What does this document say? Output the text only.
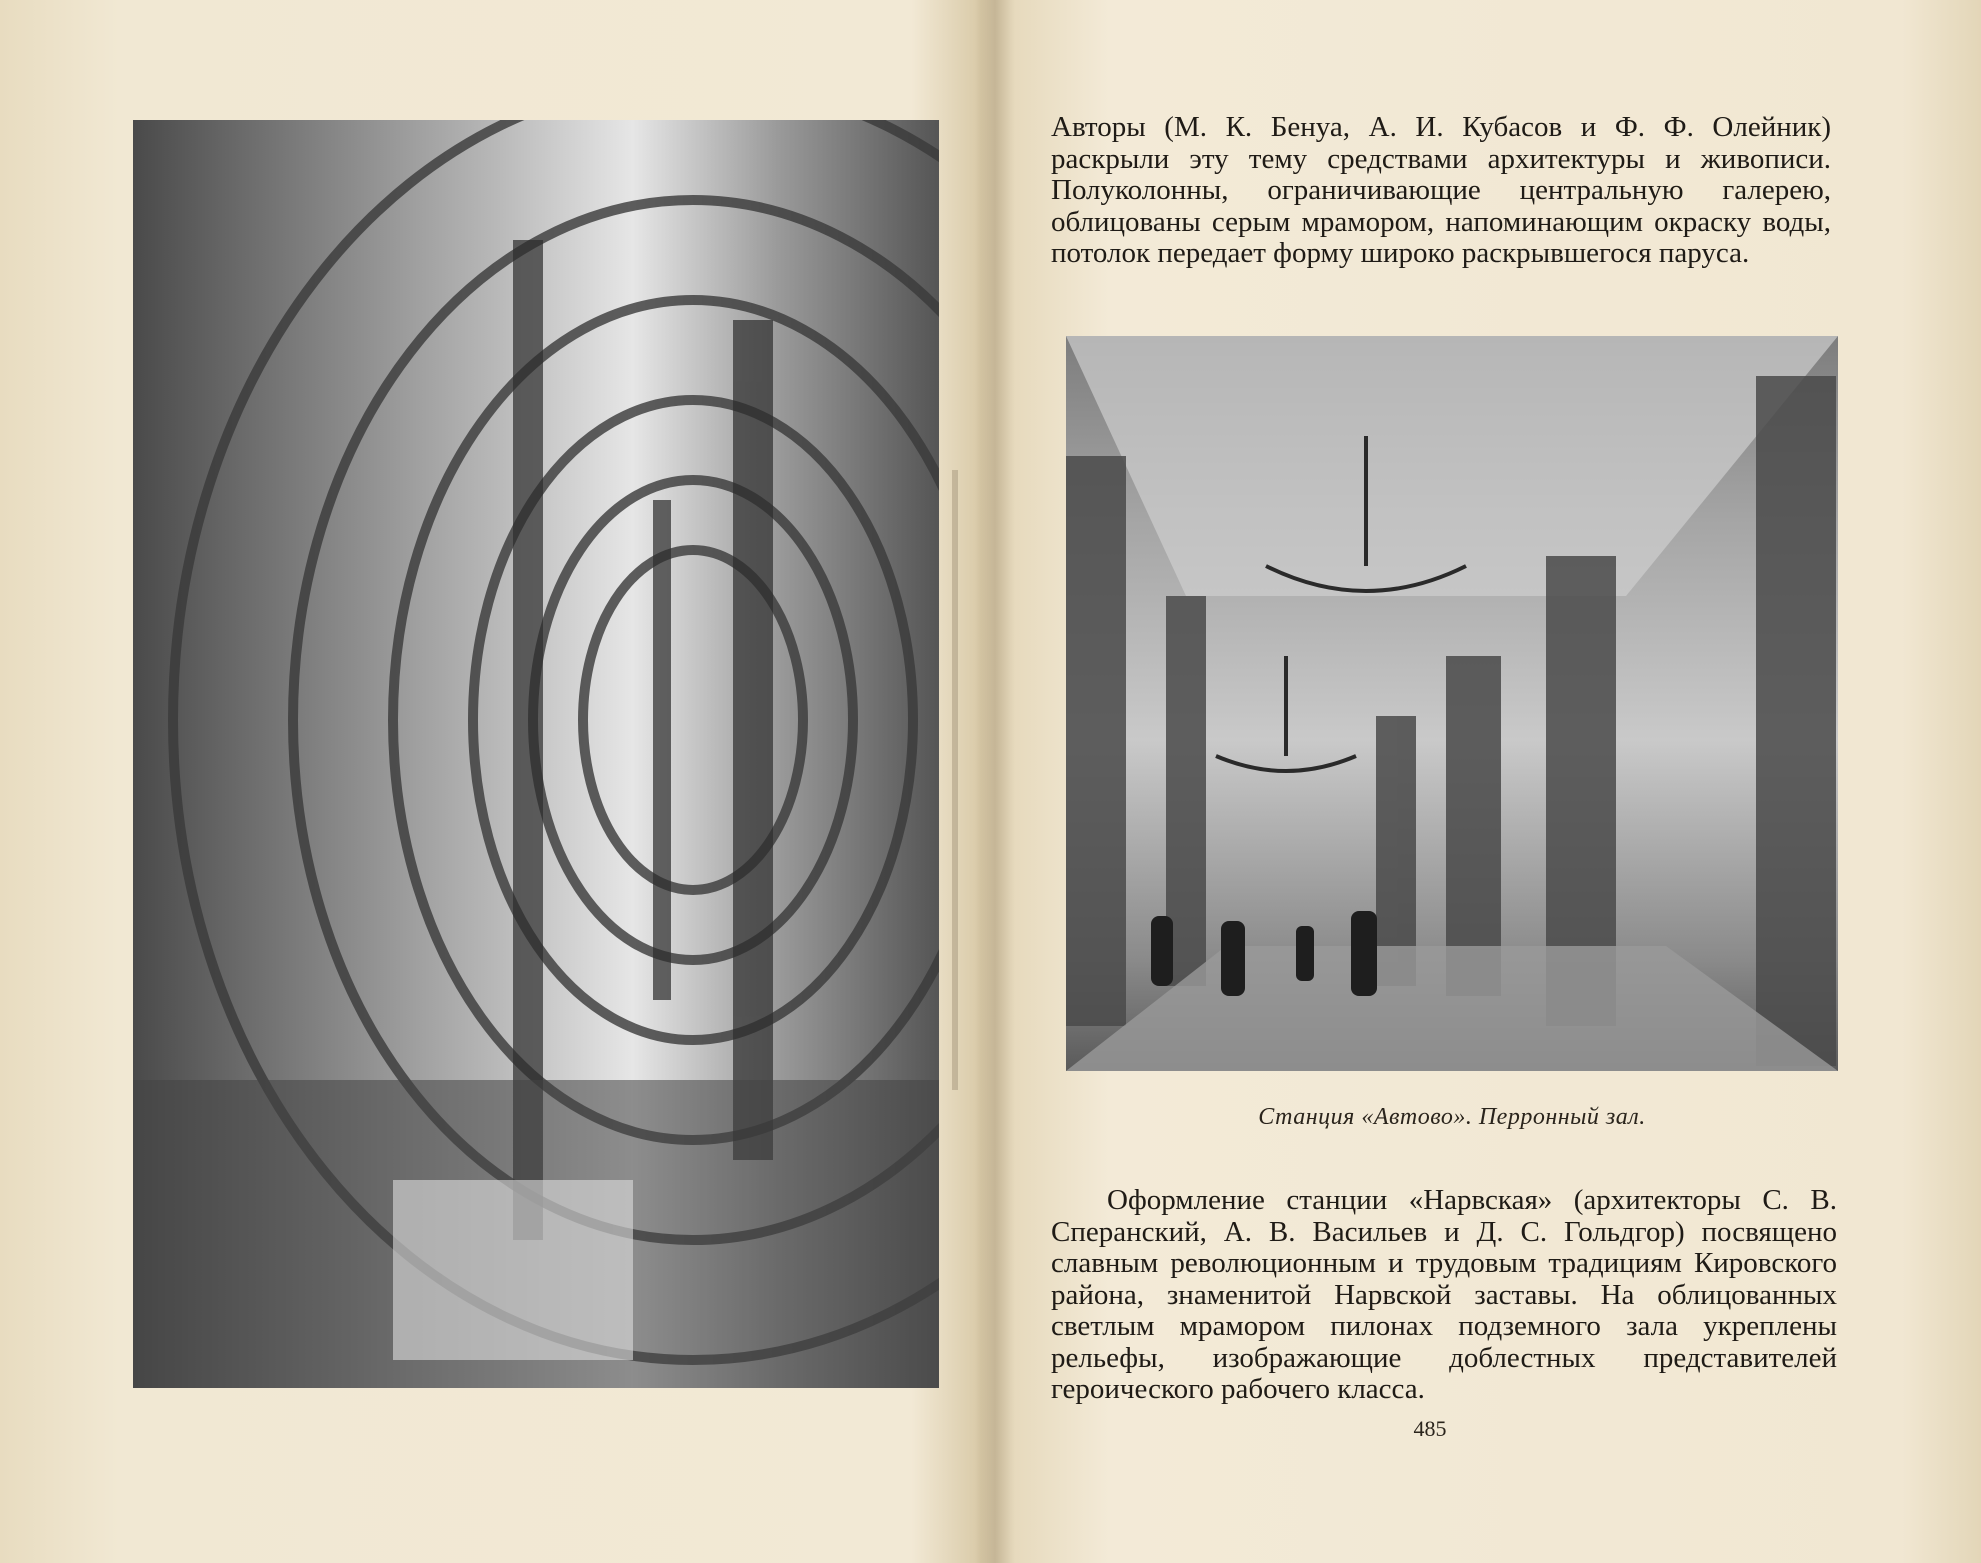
Авторы (М. К. Бенуа, А. И. Кубасов и Ф. Ф. Олейник) раскрыли эту тему средствами архитектуры и живописи. Полуколонны, ограничивающие центральную галерею, облицованы серым мрамором, напоминающим окраску воды, потолок передает форму широко раскрывшегося паруса.
Станция «Автово». Перронный зал.
Оформление станции «Нарвская» (архитекторы С. В. Сперанский, А. В. Васильев и Д. С. Гольдгор) посвящено славным революционным и трудовым традициям Кировского района, знаменитой Нарвской заставы. На облицованных светлым мрамором пилонах подземного зала укреплены рельефы, изображающие доблестных представителей героического рабочего класса.
485
